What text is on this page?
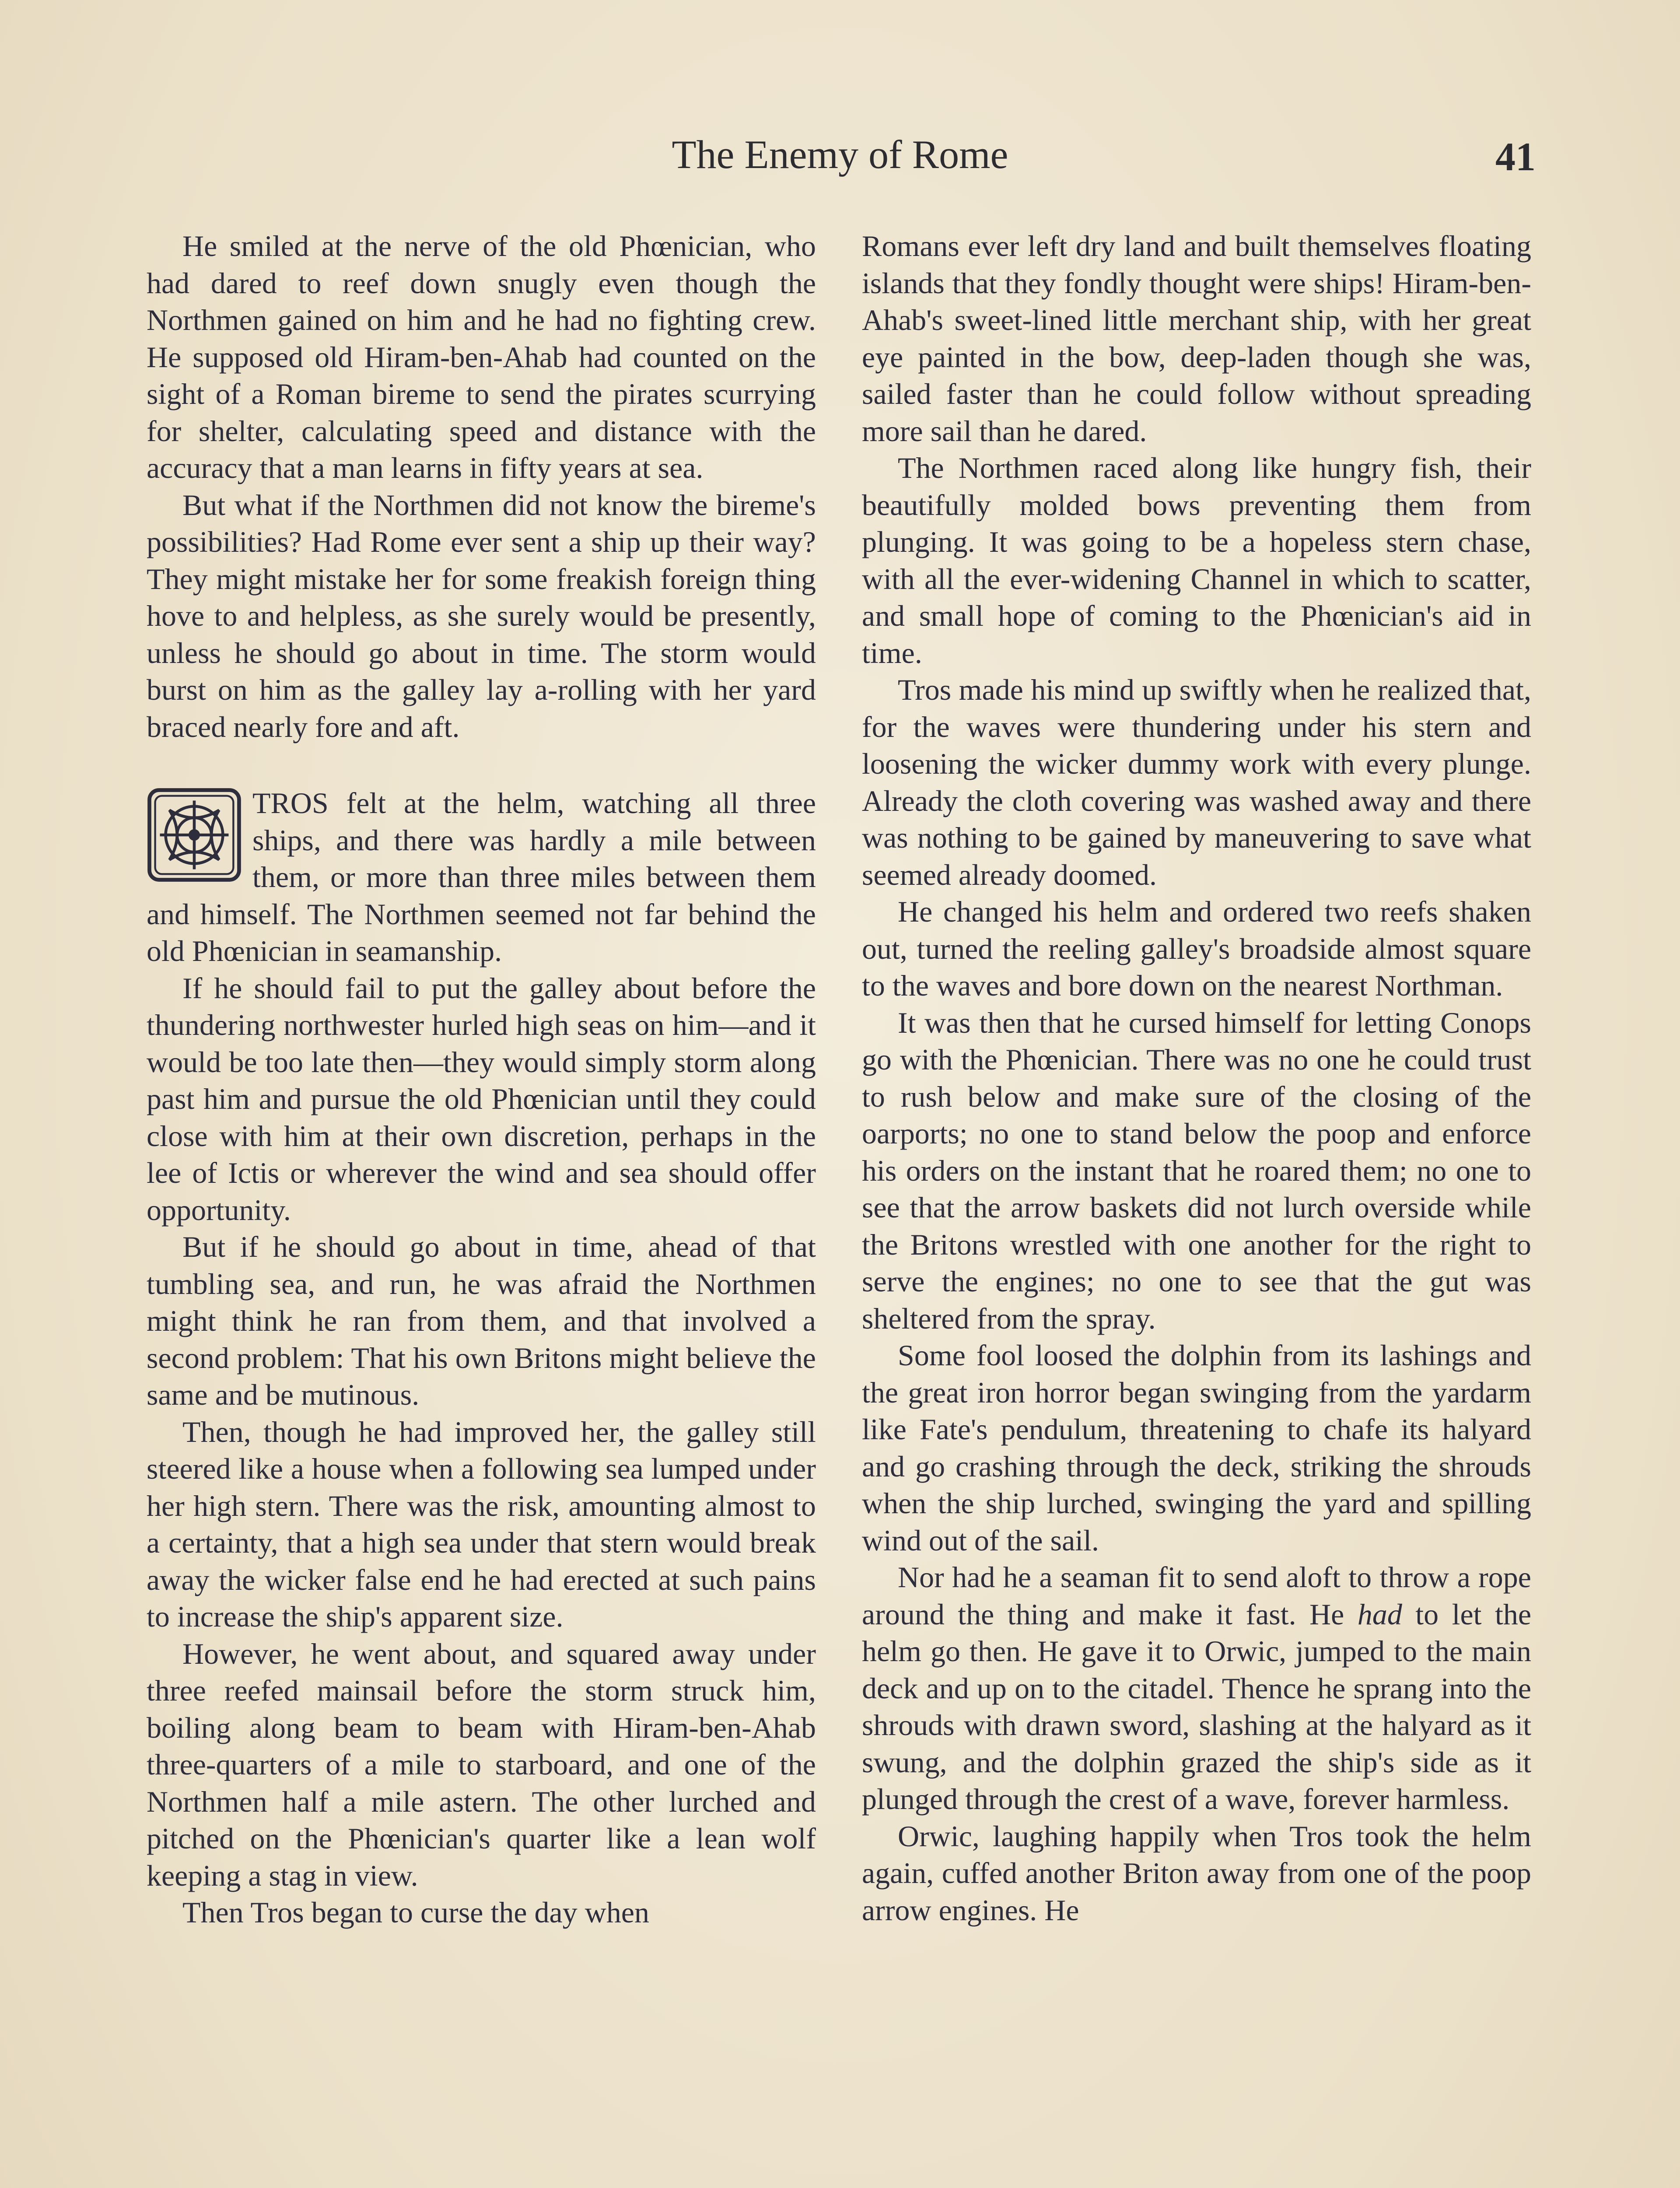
The Enemy of Rome	41

He smiled at the nerve of the old Phœnician, who had dared to reef down snugly even though the Northmen gained on him and he had no fighting crew. He supposed old Hiram-ben-Ahab had counted on the sight of a Roman bireme to send the pirates scurrying for shelter, calculating speed and distance with the accuracy that a man learns in fifty years at sea.

But what if the Northmen did not know the bireme's possibilities? Had Rome ever sent a ship up their way? They might mistake her for some freakish foreign thing hove to and helpless, as she surely would be presently, unless he should go about in time. The storm would burst on him as the galley lay a-rolling with her yard braced nearly fore and aft.

TROS felt at the helm, watching all three ships, and there was hardly a mile between them, or more than three miles between them and himself. The Northmen seemed not far behind the old Phœnician in seamanship.

If he should fail to put the galley about before the thundering northwester hurled high seas on him—and it would be too late then—they would simply storm along past him and pursue the old Phœnician until they could close with him at their own discretion, perhaps in the lee of Ictis or wherever the wind and sea should offer opportunity.

But if he should go about in time, ahead of that tumbling sea, and run, he was afraid the Northmen might think he ran from them, and that involved a second problem: That his own Britons might believe the same and be mutinous.

Then, though he had improved her, the galley still steered like a house when a following sea lumped under her high stern. There was the risk, amounting almost to a certainty, that a high sea under that stern would break away the wicker false end he had erected at such pains to increase the ship's apparent size.

However, he went about, and squared away under three reefed mainsail before the storm struck him, boiling along beam to beam with Hiram-ben-Ahab three-quarters of a mile to starboard, and one of the Northmen half a mile astern. The other lurched and pitched on the Phœnician's quarter like a lean wolf keeping a stag in view.

Then Tros began to curse the day when

Romans ever left dry land and built themselves floating islands that they fondly thought were ships! Hiram-ben-Ahab's sweet-lined little merchant ship, with her great eye painted in the bow, deep-laden though she was, sailed faster than he could follow without spreading more sail than he dared.

The Northmen raced along like hungry fish, their beautifully molded bows preventing them from plunging. It was going to be a hopeless stern chase, with all the ever-widening Channel in which to scatter, and small hope of coming to the Phœnician's aid in time.

Tros made his mind up swiftly when he realized that, for the waves were thundering under his stern and loosening the wicker dummy work with every plunge. Already the cloth covering was washed away and there was nothing to be gained by maneuvering to save what seemed already doomed.

He changed his helm and ordered two reefs shaken out, turned the reeling galley's broadside almost square to the waves and bore down on the nearest Northman.

It was then that he cursed himself for letting Conops go with the Phœnician. There was no one he could trust to rush below and make sure of the closing of the oarports; no one to stand below the poop and enforce his orders on the instant that he roared them; no one to see that the arrow baskets did not lurch overside while the Britons wrestled with one another for the right to serve the engines; no one to see that the gut was sheltered from the spray.

Some fool loosed the dolphin from its lashings and the great iron horror began swinging from the yardarm like Fate's pendulum, threatening to chafe its halyard and go crashing through the deck, striking the shrouds when the ship lurched, swinging the yard and spilling wind out of the sail.

Nor had he a seaman fit to send aloft to throw a rope around the thing and make it fast. He had to let the helm go then. He gave it to Orwic, jumped to the main deck and up on to the citadel. Thence he sprang into the shrouds with drawn sword, slashing at the halyard as it swung, and the dolphin grazed the ship's side as it plunged through the crest of a wave, forever harmless.

Orwic, laughing happily when Tros took the helm again, cuffed another Briton away from one of the poop arrow engines. He
